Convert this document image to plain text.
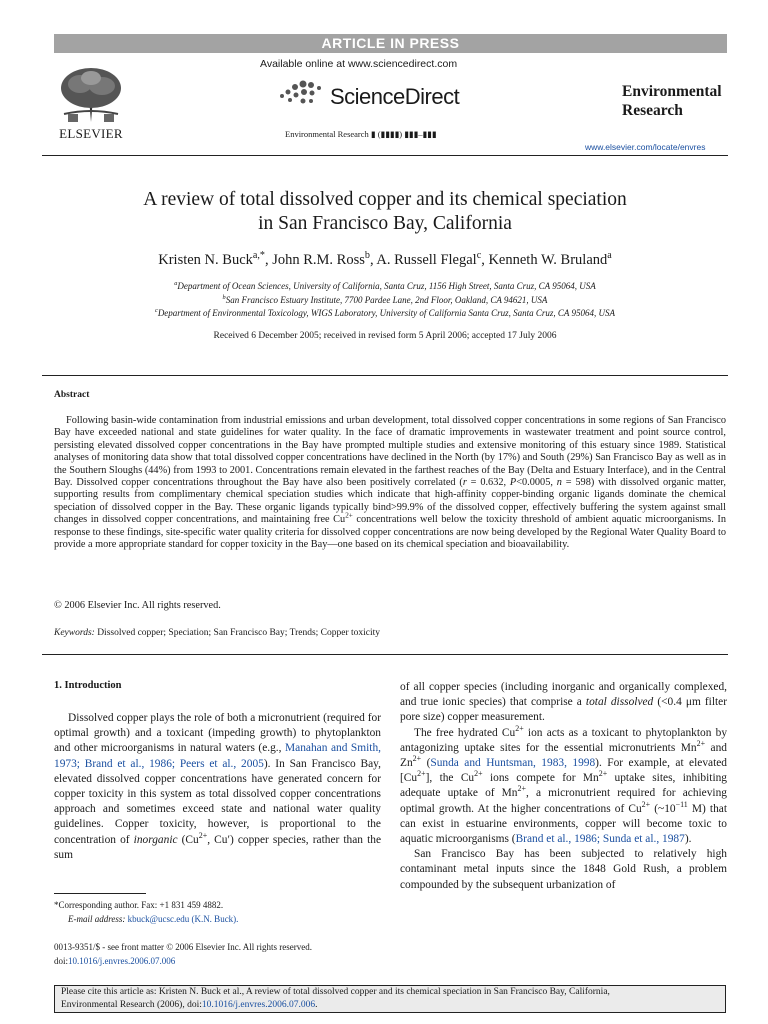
ARTICLE IN PRESS
ELSEVIER
Available online at www.sciencedirect.com
ScienceDirect
Environmental Research ▮ (▮▮▮▮) ▮▮▮–▮▮▮
Environmental
Research
www.elsevier.com/locate/envres
A review of total dissolved copper and its chemical speciation
in San Francisco Bay, California
Kristen N. Buck$^{a,*}$, John R.M. Ross$^b$, A. Russell Flegal$^c$, Kenneth W. Bruland$^a$
$^a$Department of Ocean Sciences, University of California, Santa Cruz, 1156 High Street, Santa Cruz, CA 95064, USA
$^b$San Francisco Estuary Institute, 7700 Pardee Lane, 2nd Floor, Oakland, CA 94621, USA
$^c$Department of Environmental Toxicology, WIGS Laboratory, University of California Santa Cruz, Santa Cruz, CA 95064, USA
Received 6 December 2005; received in revised form 5 April 2006; accepted 17 July 2006
Abstract
Following basin-wide contamination from industrial emissions and urban development, total dissolved copper concentrations in some regions of San Francisco Bay have exceeded national and state guidelines for water quality. In the face of dramatic improvements in wastewater treatment and point source control, persisting elevated dissolved copper concentrations in the Bay have prompted multiple studies and extensive monitoring of this estuary since 1989. Statistical analyses of monitoring data show that total dissolved copper concentrations have declined in the North (by 17%) and South (29%) San Francisco Bay as well as in the Southern Sloughs (44%) from 1993 to 2001. Concentrations remain elevated in the farthest reaches of the Bay (Delta and Estuary Interface), and in the Central Bay. Dissolved copper concentrations throughout the Bay have also been positively correlated (r = 0.632, P<0.0005, n = 598) with dissolved organic matter, supporting results from complimentary chemical speciation studies which indicate that high-affinity copper-binding organic ligands dominate the chemical speciation of dissolved copper in the Bay. These organic ligands typically bind>99.9% of the dissolved copper, effectively buffering the system against small changes in dissolved copper concentrations, and maintaining free $Cu^{2+}$ concentrations well below the toxicity threshold of ambient aquatic microorganisms. In response to these findings, site-specific water quality criteria for dissolved copper concentrations are now being developed by the Regional Water Quality Board to provide a more appropriate standard for copper toxicity in the Bay—one based on its chemical speciation and bioavailability.
© 2006 Elsevier Inc. All rights reserved.
Keywords: Dissolved copper; Speciation; San Francisco Bay; Trends; Copper toxicity
1. Introduction
Dissolved copper plays the role of both a micronutrient (required for optimal growth) and a toxicant (impeding growth) to phytoplankton and other microorganisms in natural waters (e.g., Manahan and Smith, 1973; Brand et al., 1986; Peers et al., 2005). In San Francisco Bay, elevated dissolved copper concentrations have generated concern for copper toxicity in this system as total dissolved copper concentrations approach and sometimes exceed state and national water quality guidelines. Copper toxicity, however, is proportional to the concentration of inorganic ($Cu^{2+}$, Cu′) copper species, rather than the sum

of all copper species (including inorganic and organically complexed, and true ionic species) that comprise a total dissolved (<0.4 μm filter pore size) copper measurement.

The free hydrated $Cu^{2+}$ ion acts as a toxicant to phytoplankton by antagonizing uptake sites for the essential micronutrients $Mn^{2+}$ and $Zn^{2+}$ (Sunda and Huntsman, 1983, 1998). For example, at elevated $[Cu^{2+}]$, the $Cu^{2+}$ ions compete for $Mn^{2+}$ uptake sites, inhibiting adequate uptake of $Mn^{2+}$, a micronutrient required for achieving optimal growth. At the higher concentrations of $Cu^{2+}$ ($\sim 10^{-11}$ M) that can exist in estuarine environments, copper will become toxic to aquatic microorganisms (Brand et al., 1986; Sunda et al., 1987).

San Francisco Bay has been subjected to relatively high contaminant metal inputs since the 1848 Gold Rush, a problem compounded by the subsequent urbanization of

*Corresponding author. Fax: +1 831 459 4882.
E-mail address: kbuck@ucsc.edu (K.N. Buck).
0013-9351/$ - see front matter © 2006 Elsevier Inc. All rights reserved.
doi:10.1016/j.envres.2006.07.006
Please cite this article as: Kristen N. Buck et al., A review of total dissolved copper and its chemical speciation in San Francisco Bay, California,
Environmental Research (2006), doi:10.1016/j.envres.2006.07.006.
